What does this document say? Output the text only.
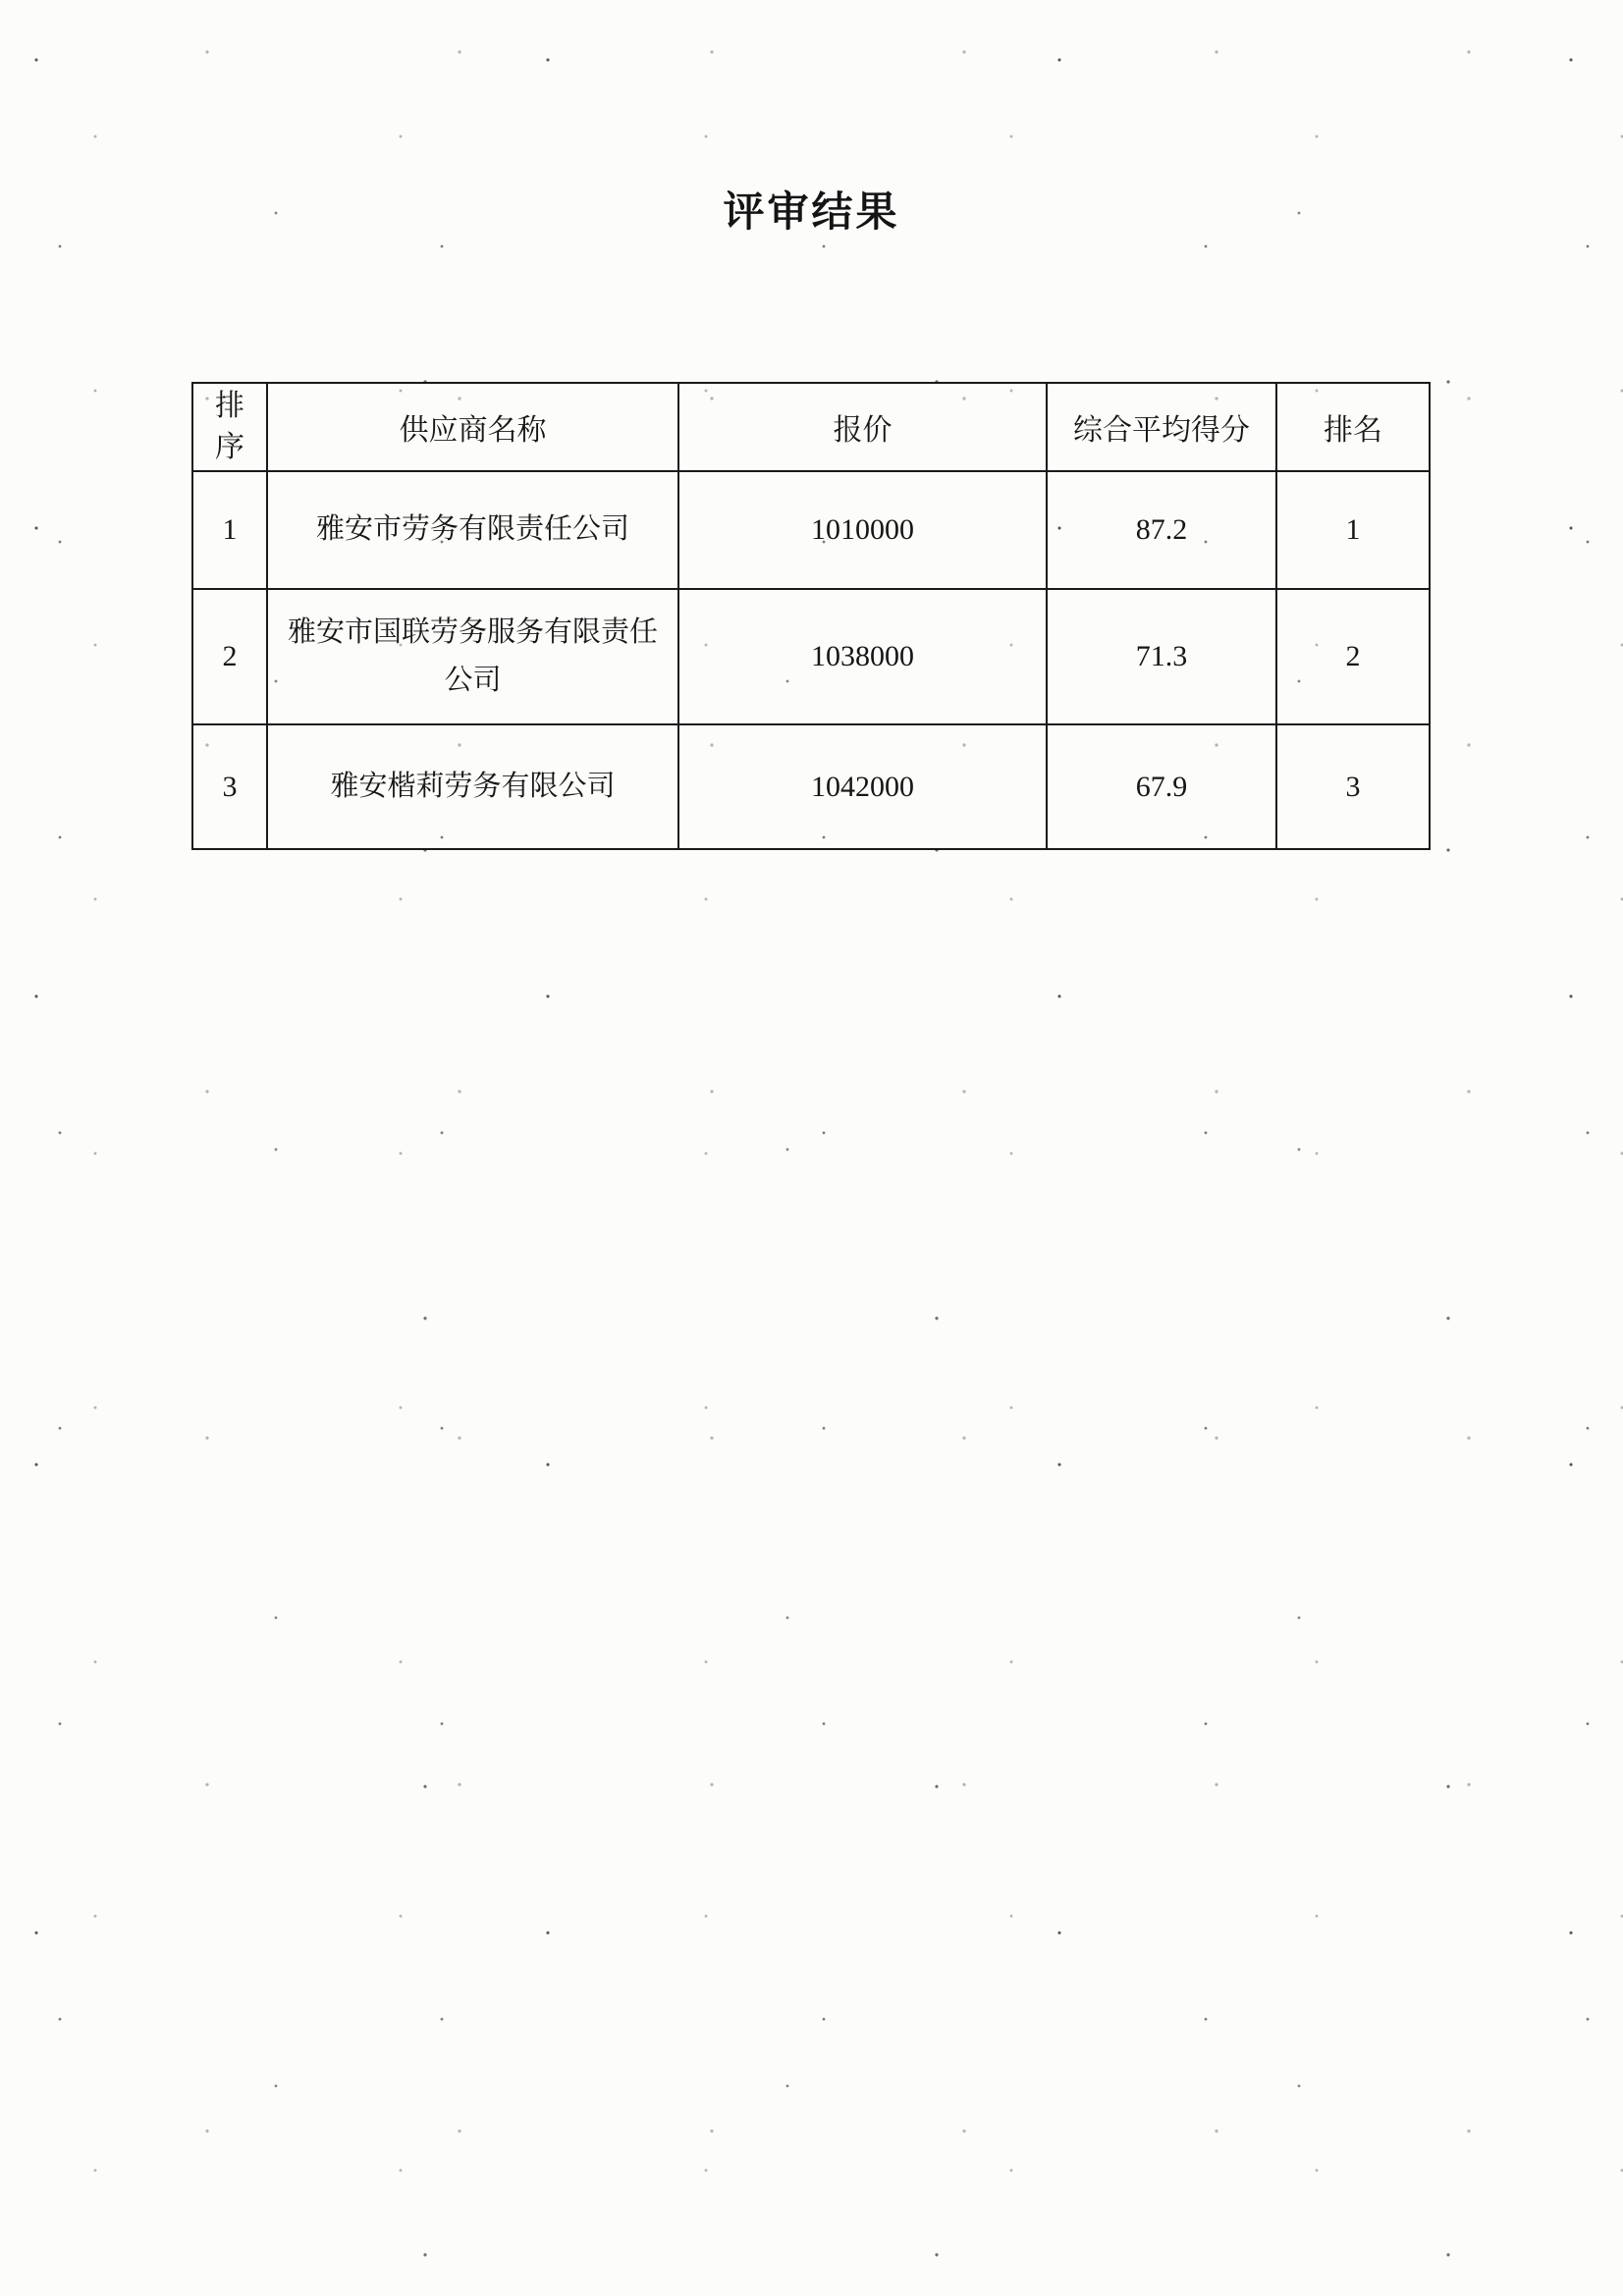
评审结果
排序	供应商名称	报价	综合平均得分	排名
1	雅安市劳务有限责任公司	1010000	87.2	1
2	雅安市国联劳务服务有限责任公司	1038000	71.3	2
3	雅安楷莉劳务有限公司	1042000	67.9	3
